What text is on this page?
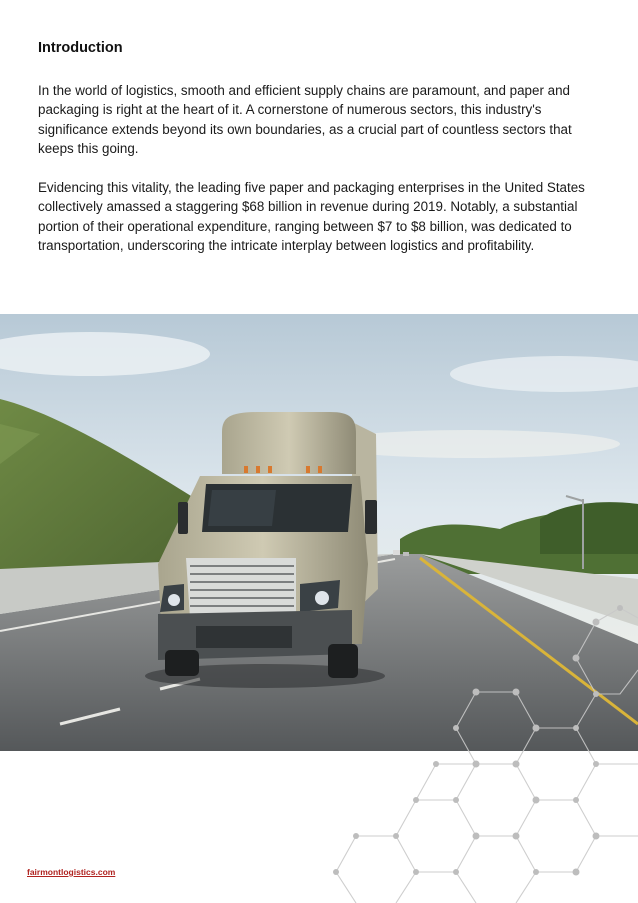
Introduction

In the world of logistics, smooth and efficient supply chains are paramount, and paper and packaging is right at the heart of it. A cornerstone of numerous sectors, this industry's significance extends beyond its own boundaries, as a crucial part of countless sectors that keeps this going.

Evidencing this vitality, the leading five paper and packaging enterprises in the United States collectively amassed a staggering $68 billion in revenue during 2019. Notably, a substantial portion of their operational expenditure, ranging between $7 to $8 billion, was dedicated to transportation, underscoring the intricate interplay between logistics and profitability.

fairmontlogistics.com
